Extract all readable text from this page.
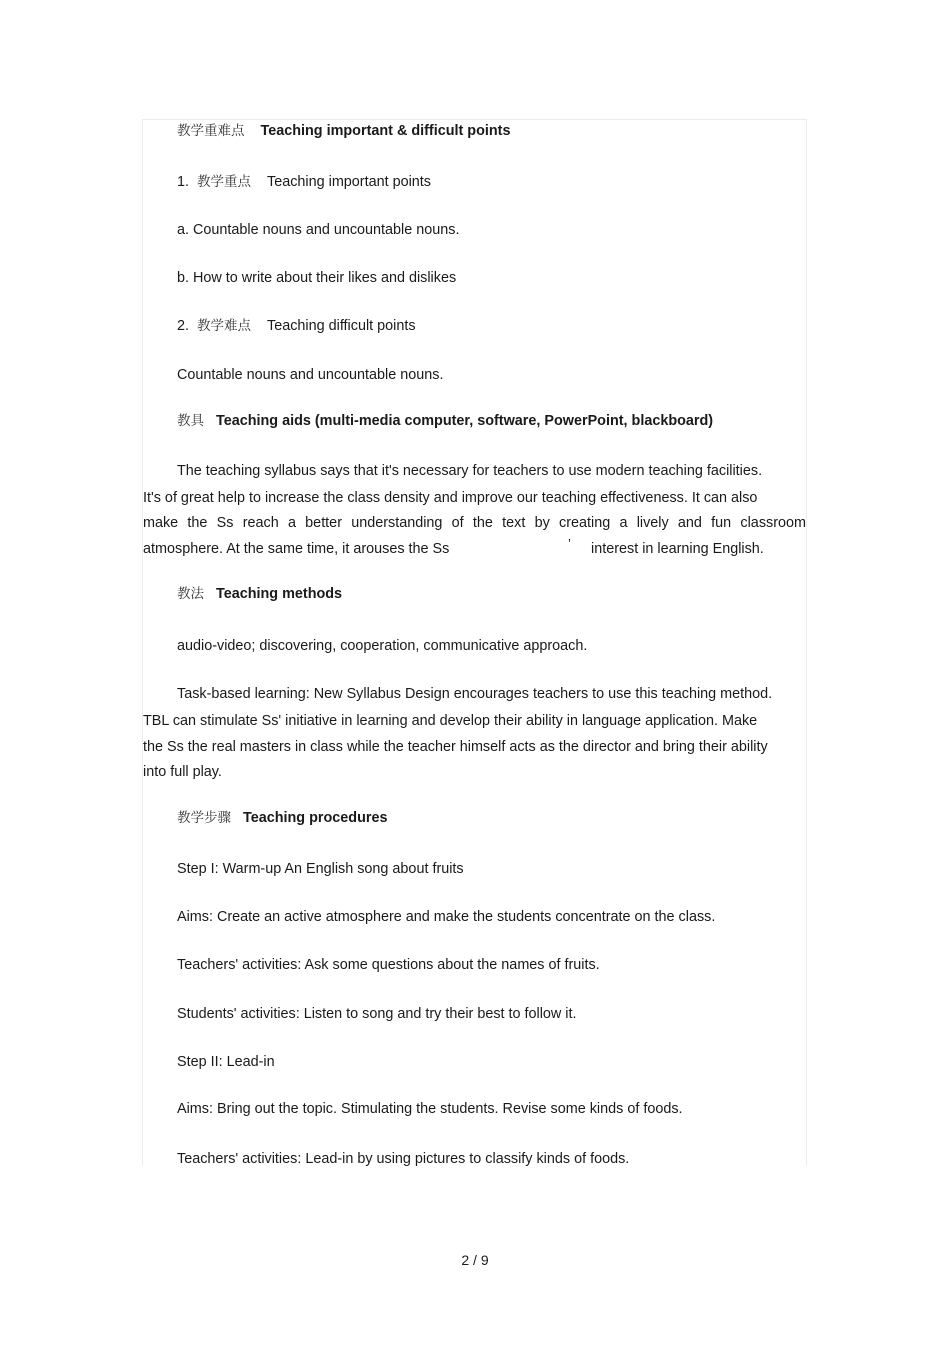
教学重难点 Teaching important & difficult points
1. 教学重点 Teaching important points
a. Countable nouns and uncountable nouns.
b. How to write about their likes and dislikes
2. 教学难点 Teaching difficult points
Countable nouns and uncountable nouns.
教具 Teaching aids (multi-media computer, software, PowerPoint, blackboard)
The teaching syllabus says that it's necessary for teachers to use modern teaching facilities.
It's of great help to increase the class density and improve our teaching effectiveness. It can also
make the Ss reach a better understanding of the text by creating a lively and fun classroom
atmosphere. At the same time, it arouses the Ss	’ interest in learning English.
教法 Teaching methods
audio-video; discovering, cooperation, communicative approach.
Task-based learning: New Syllabus Design encourages teachers to use this teaching method.
TBL can stimulate Ss' initiative in learning and develop their ability in language application. Make
the Ss the real masters in class while the teacher himself acts as the director and bring their ability
into full play.
教学步骤 Teaching procedures
Step I: Warm-up An English song about fruits
Aims: Create an active atmosphere and make the students concentrate on the class.
Teachers' activities: Ask some questions about the names of fruits.
Students' activities: Listen to song and try their best to follow it.
Step II: Lead-in
Aims: Bring out the topic. Stimulating the students. Revise some kinds of foods.
Teachers' activities: Lead-in by using pictures to classify kinds of foods.
2 / 9
